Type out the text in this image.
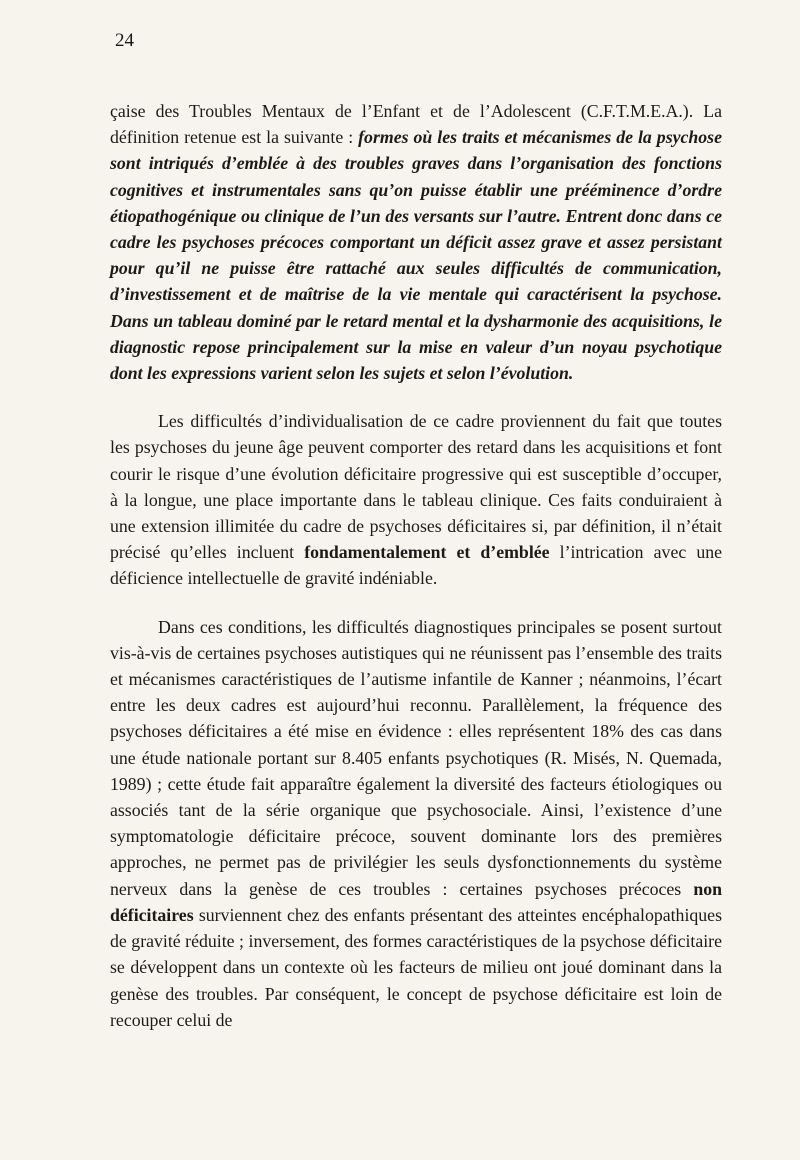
24

çaise des Troubles Mentaux de l’Enfant et de l’Adolescent (C.F.T.M.E.A.). La définition retenue est la suivante : formes où les traits et mécanismes de la psychose sont intriqués d’emblée à des troubles graves dans l’organisation des fonctions cognitives et instrumentales sans qu’on puisse établir une prééminence d’ordre étiopathogénique ou clinique de l’un des versants sur l’autre. Entrent donc dans ce cadre les psychoses précoces comportant un déficit assez grave et assez persistant pour qu’il ne puisse être rattaché aux seules difficultés de communication, d’investissement et de maîtrise de la vie mentale qui caractérisent la psychose. Dans un tableau dominé par le retard mental et la dysharmonie des acquisitions, le diagnostic repose principalement sur la mise en valeur d’un noyau psychotique dont les expressions varient selon les sujets et selon l’évolution.

Les difficultés d’individualisation de ce cadre proviennent du fait que toutes les psychoses du jeune âge peuvent comporter des retard dans les acquisitions et font courir le risque d’une évolution déficitaire progressive qui est susceptible d’occuper, à la longue, une place importante dans le tableau clinique. Ces faits conduiraient à une extension illimitée du cadre de psychoses déficitaires si, par définition, il n’était précisé qu’elles incluent fondamentalement et d’emblée l’intrication avec une déficience intellectuelle de gravité indéniable.

Dans ces conditions, les difficultés diagnostiques principales se posent surtout vis-à-vis de certaines psychoses autistiques qui ne réunissent pas l’ensemble des traits et mécanismes caractéristiques de l’autisme infantile de Kanner ; néanmoins, l’écart entre les deux cadres est aujourd’hui reconnu. Parallèlement, la fréquence des psychoses déficitaires a été mise en évidence : elles représentent 18% des cas dans une étude nationale portant sur 8.405 enfants psychotiques (R. Misés, N. Quemada, 1989) ; cette étude fait apparaître également la diversité des facteurs étiologiques ou associés tant de la série organique que psychosociale. Ainsi, l’existence d’une symptomatologie déficitaire précoce, souvent dominante lors des premières approches, ne permet pas de privilégier les seuls dysfonctionnements du système nerveux dans la genèse de ces troubles : certaines psychoses précoces non déficitaires surviennent chez des enfants présentant des atteintes encéphalopathiques de gravité réduite ; inversement, des formes caractéristiques de la psychose déficitaire se développent dans un contexte où les facteurs de milieu ont joué dominant dans la genèse des troubles. Par conséquent, le concept de psychose déficitaire est loin de recouper celui de
